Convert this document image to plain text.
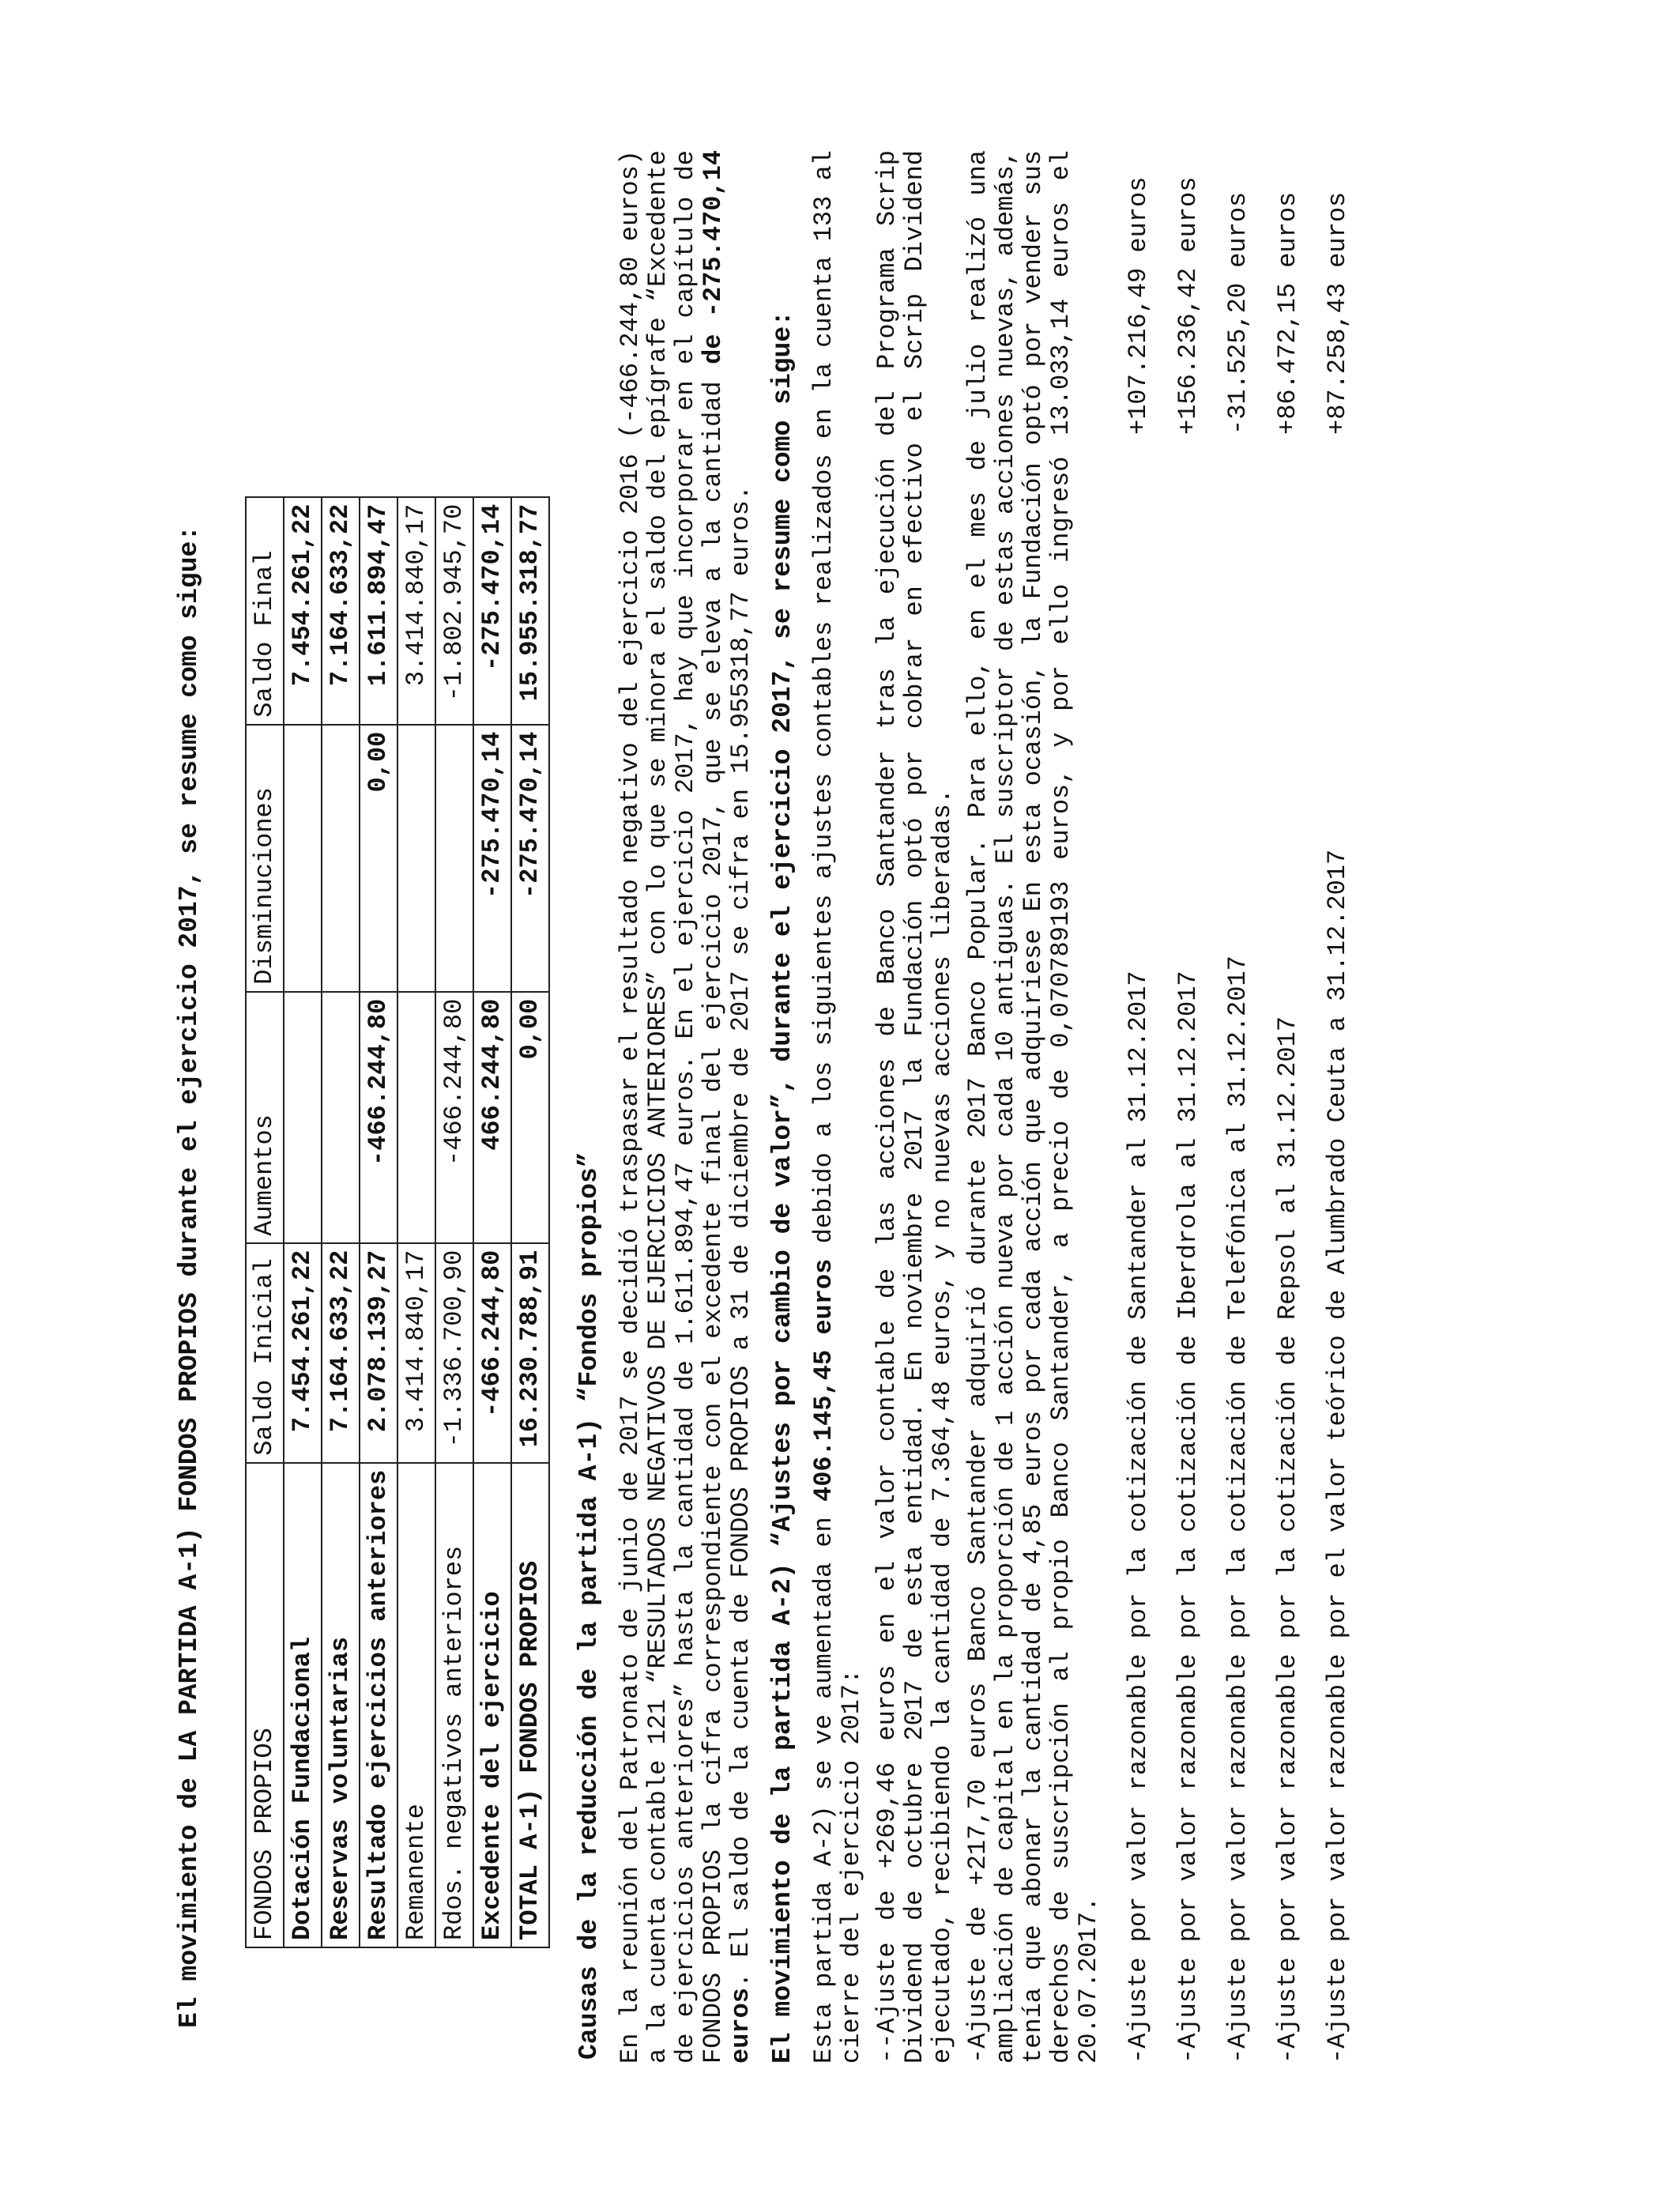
El movimiento de LA PARTIDA A-1) FONDOS PROPIOS durante el ejercicio 2017, se resume como sigue: FONDOS PROPIOS	Saldo Inicial	Aumentos	Disminuciones	Saldo Final
Dotación Fundacional	7.454.261,22			7.454.261,22
Reservas voluntarias	7.164.633,22			7.164.633,22
Resultado ejercicios anteriores	2.078.139,27	-466.244,80	0,00	1.611.894,47
Remanente	3.414.840,17			3.414.840,17
Rdos. negativos anteriores	-1.336.700,90	-466.244,80		-1.802.945,70
Excedente del ejercicio	-466.244,80	466.244,80	-275.470,14	-275.470,14
TOTAL A-1) FONDOS PROPIOS	16.230.788,91	0,00	-275.470,14	15.955.318,77

Causas de la reducción de la partida A-1) “Fondos propios” En la reunión del Patronato de junio de 2017 se decidió traspasar el resultado negativo del ejercicio 2016 (-466.244,80 euros) a la cuenta contable 121 “RESULTADOS NEGATIVOS DE EJERCICIOS ANTERIORES” con lo que se minora el saldo del epígrafe “Excedente de ejercicios anteriores” hasta la cantidad de 1.611.894,47 euros. En el ejercicio 2017, hay que incorporar en el capítulo de FONDOS PROPIOS la cifra correspondiente con el excedente final del ejercicio 2017, que se eleva a la cantidad de -275.470,14 euros. El saldo de la cuenta de FONDOS PROPIOS a 31 de diciembre de 2017 se cifra en 15.955318,77 euros. El movimiento de la partida A-2) “Ajustes por cambio de valor”, durante el ejercicio 2017, se resume como sigue: Esta partida A-2) se ve aumentada en 406.145,45 euros debido a los siguientes ajustes contables realizados en la cuenta 133 al cierre del ejercicio 2017: --Ajuste de +269,46 euros en el valor contable de las acciones de Banco Santander tras la ejecución del Programa Scrip Dividend de octubre 2017 de esta entidad. En noviembre 2017 la Fundación optó por cobrar en efectivo el Scrip Dividend ejecutado, recibiendo la cantidad de 7.364,48 euros, y no nuevas acciones liberadas. -Ajuste de +217,70 euros Banco Santander adquirió durante 2017 Banco Popular. Para ello, en el mes de julio realizó una ampliación de capital en la proporción de 1 acción nueva por cada 10 antiguas. El suscriptor de estas acciones nuevas, además, tenía que abonar la cantidad de 4,85 euros por cada acción que adquiriese En esta ocasión, la Fundación optó por vender sus derechos de suscripción al propio Banco Santander, a precio de 0,070789193 euros, y por ello ingresó 13.033,14 euros el 20.07.2017. -Ajuste por valor razonable por la cotización de Santander al 31.12.2017
+107.216,49 euros
-Ajuste por valor razonable por la cotización de Iberdrola al 31.12.2017
+156.236,42 euros
-Ajuste por valor razonable por la cotización de Telefónica al 31.12.2017
-31.525,20 euros
-Ajuste por valor razonable por la cotización de Repsol al 31.12.2017
+86.472,15 euros
-Ajuste por valor razonable por el valor teórico de Alumbrado Ceuta a 31.12.2017
+87.258,43 euros
